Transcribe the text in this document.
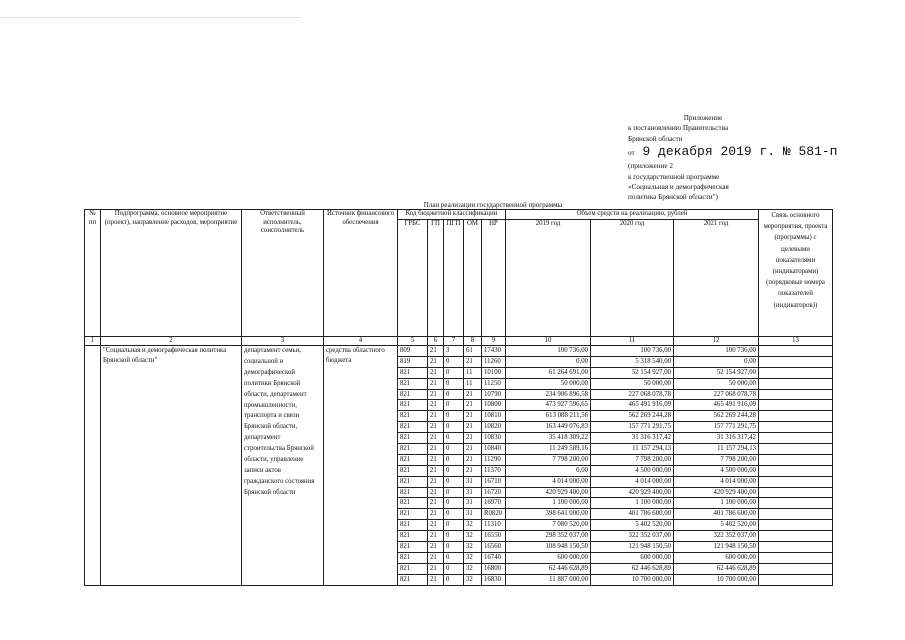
Приложение
к постановлению Правительства
Брянской области
от 9 декабря 2019 г. № 581-п
(приложение 2
к государственной программе
«Социальная и демографическая
политика Брянской области")
План реализации государственной программы
№ пп	Подпрограмма, основное мероприятие (проект), направление расходов, мероприятие	Ответственный исполнитель, соисполнитель	Источник финансового обеспечения	Код бюджетной классификации					Объем средств на реализацию, рублей			Связь основного мероприятия, проекта (программы) с целевыми показателями (индикаторами) (порядковые номера показателей (индикаторов))
				ГРБС	ГП	ПГП	ОМ	НР	2019 год	2020 год	2021 год	
1	2	3	4	5	6	7	8	9	10	11	12	13
	"Социальная и демографическая политика Брянской области"	департамент семьи, социальной и демографической политики Брянской области, департамент промышленности, транспорта и связи Брянской области, департамент строительства Брянской области, управление записи актов гражданского состояния Брянской области	средства областного бюджета	809	21	3	61	17430	100 736,00	100 736,00	100 736,00	
				819	21	0	21	11260	0,00	5 318 540,00	0,00	
				821	21	0	11	10100	61 264 691,00	52 154 927,00	52 154 927,00	
				821	21	0	11	11250	50 000,00	50 000,00	50 000,00	
				821	21	0	21	10790	234 906 896,58	227 068 078,78	227 068 078,78	
				821	21	0	21	10800	473 927 596,65	465 491 916,09	465 491 916,09	
				821	21	0	21	10810	613 088 211,56	562 269 244,28	562 269 244,28	
				821	21	0	21	10820	163 449 076,83	157 771 291,75	157 771 291,75	
				821	21	0	21	10830	35 418 309,22	31 316 317,42	31 316 317,42	
				821	21	0	21	10840	11 249 589,16	11 157 294,13	11 157 294,13	
				821	21	0	21	11290	7 798 200,00	7 798 200,00	7 798 200,00	
				821	21	0	21	11370	0,00	4 500 000,00	4 500 000,00	
				821	21	0	31	16710	4 014 000,00	4 014 000,00	4 014 000,00	
				821	21	0	31	16720	420 929 400,00	420 929 400,00	420 929 400,00	
				821	21	0	31	16970	1 100 000,00	1 100 000,00	1 100 000,00	
				821	21	0	31	R0820	398 641 000,00	401 786 600,00	401 786 600,00	
				821	21	0	32	11310	7 080 520,00	5 402 520,00	5 402 520,00	
				821	21	0	32	16550	298 352 037,00	322 352 037,00	322 352 037,00	
				821	21	0	32	16560	108 948 150,50	121 948 150,50	121 948 150,50	
				821	21	0	32	16740	600 000,00	600 000,00	600 000,00	
				821	21	0	32	16800	62 446 628,89	62 446 628,89	62 446 628,89	
				821	21	0	32	16830	11 887 000,00	10 700 000,00	10 700 000,00	
